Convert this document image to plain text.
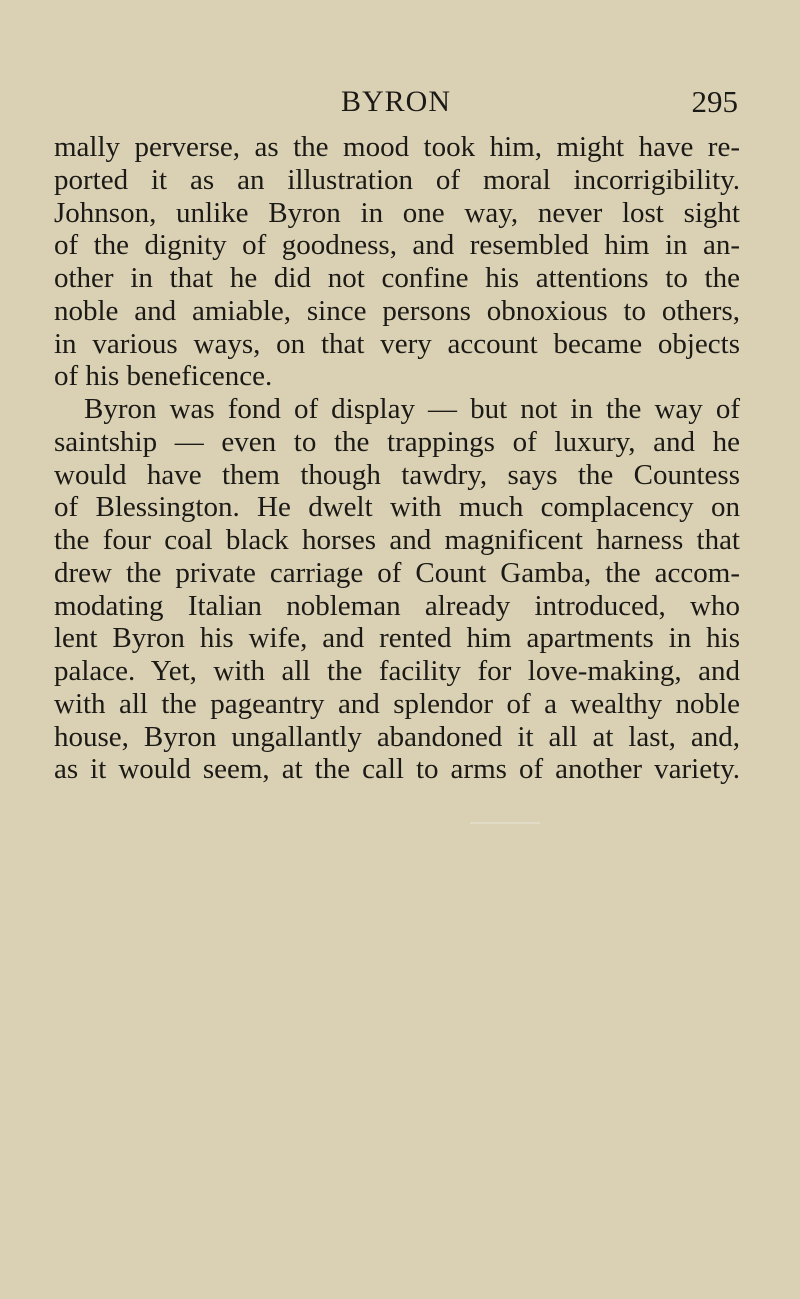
BYRON	295
mally perverse, as the mood took him, might have re-
ported it as an illustration of moral incorrigibility.
Johnson, unlike Byron in one way, never lost sight
of the dignity of goodness, and resembled him in an-
other in that he did not confine his attentions to the
noble and amiable, since persons obnoxious to others,
in various ways, on that very account became objects
of his beneficence.
Byron was fond of display — but not in the way of
saintship — even to the trappings of luxury, and he
would have them though tawdry, says the Countess
of Blessington. He dwelt with much complacency on
the four coal black horses and magnificent harness that
drew the private carriage of Count Gamba, the accom-
modating Italian nobleman already introduced, who
lent Byron his wife, and rented him apartments in his
palace. Yet, with all the facility for love-making, and
with all the pageantry and splendor of a wealthy noble
house, Byron ungallantly abandoned it all at last, and,
as it would seem, at the call to arms of another variety.
